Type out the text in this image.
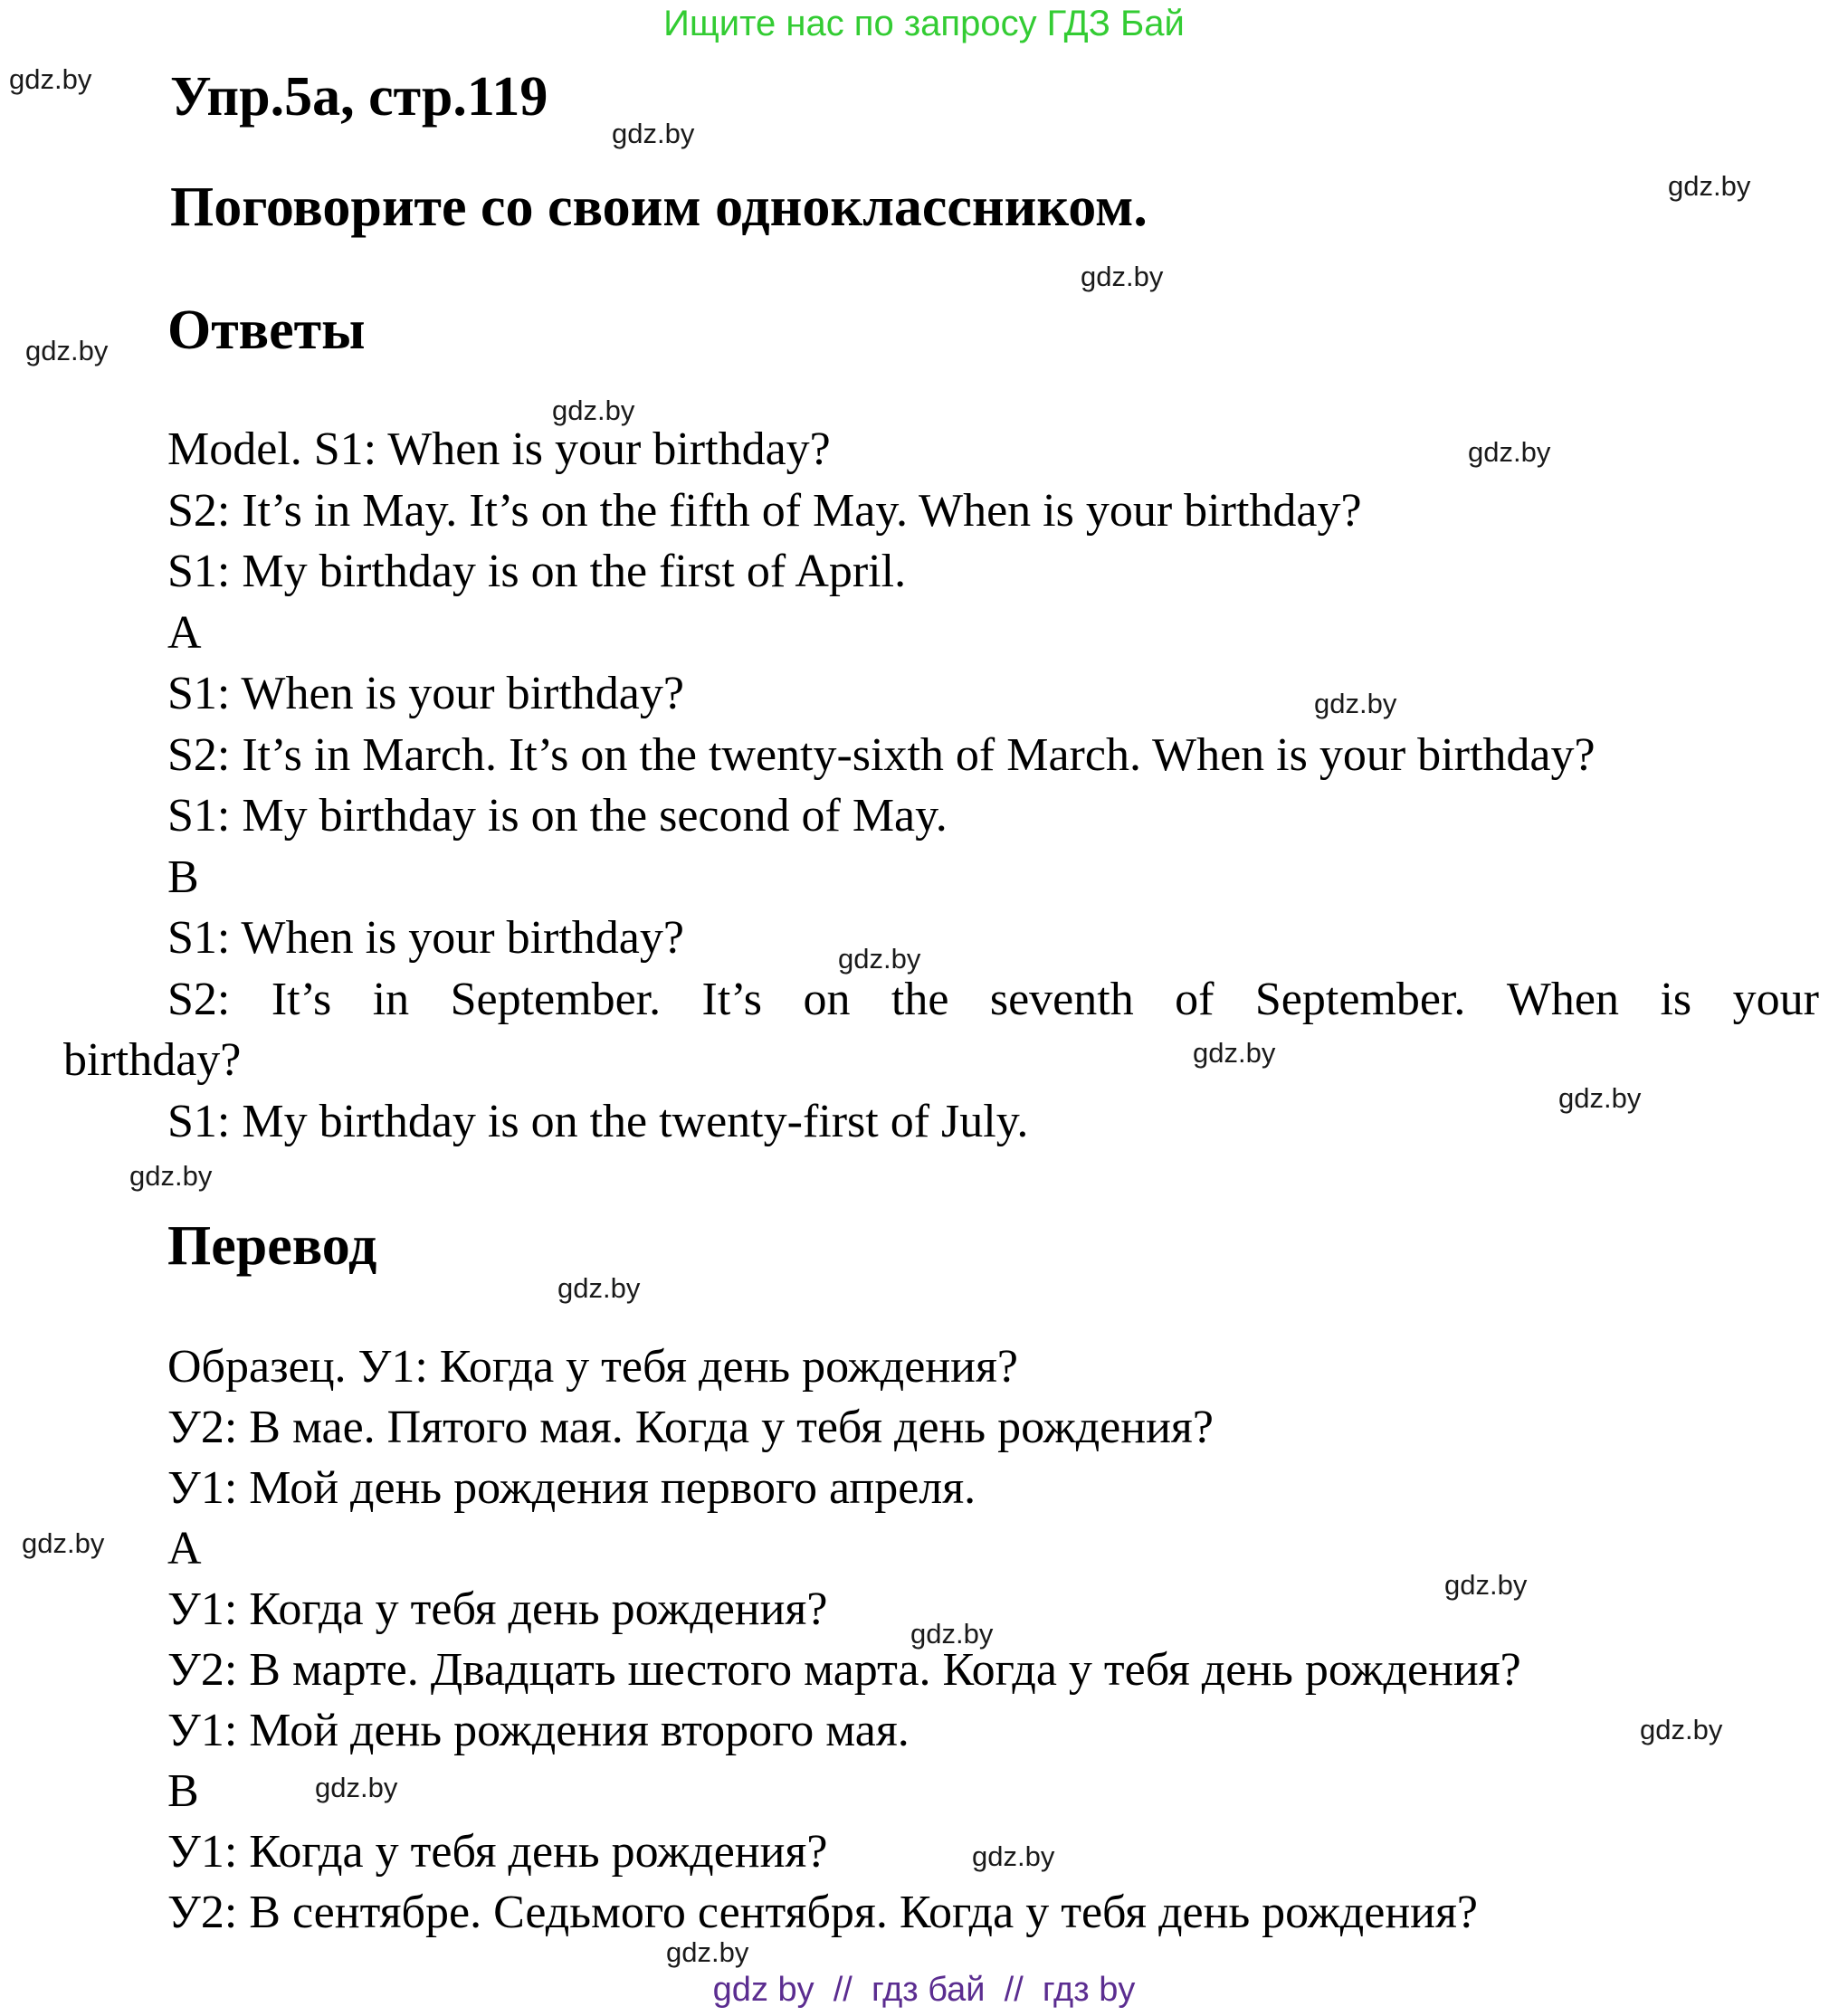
Ищите нас по запросу ГДЗ Бай
Упр.5а, стр.119
Поговорите со своим одноклассником.
Ответы
Model. S1: When is your birthday?
S2: It’s in May. It’s on the fifth of May. When is your birthday?
S1: My birthday is on the first of April.
A
S1: When is your birthday?
S2: It’s in March. It’s on the twenty-sixth of March. When is your birthday?
S1: My birthday is on the second of May.
B
S1: When is your birthday?
S2: It’s in September. It’s on the seventh of September. When is your
birthday?
S1: My birthday is on the twenty-first of July.
Перевод
Образец. У1: Когда у тебя день рождения?
У2: В мае. Пятого мая. Когда у тебя день рождения?
У1: Мой день рождения первого апреля.
А
У1: Когда у тебя день рождения?
У2: В марте. Двадцать шестого марта. Когда у тебя день рождения?
У1: Мой день рождения второго мая.
В
У1: Когда у тебя день рождения?
У2: В сентябре. Седьмого сентября. Когда у тебя день рождения?
gdz.by
gdz.by
gdz.by
gdz.by
gdz.by
gdz.by
gdz.by
gdz.by
gdz.by
gdz.by
gdz.by
gdz.by
gdz.by
gdz.by
gdz.by
gdz.by
gdz.by
gdz.by
gdz.by
gdz.by
gdz by  //  гдз бай  //  гдз by
